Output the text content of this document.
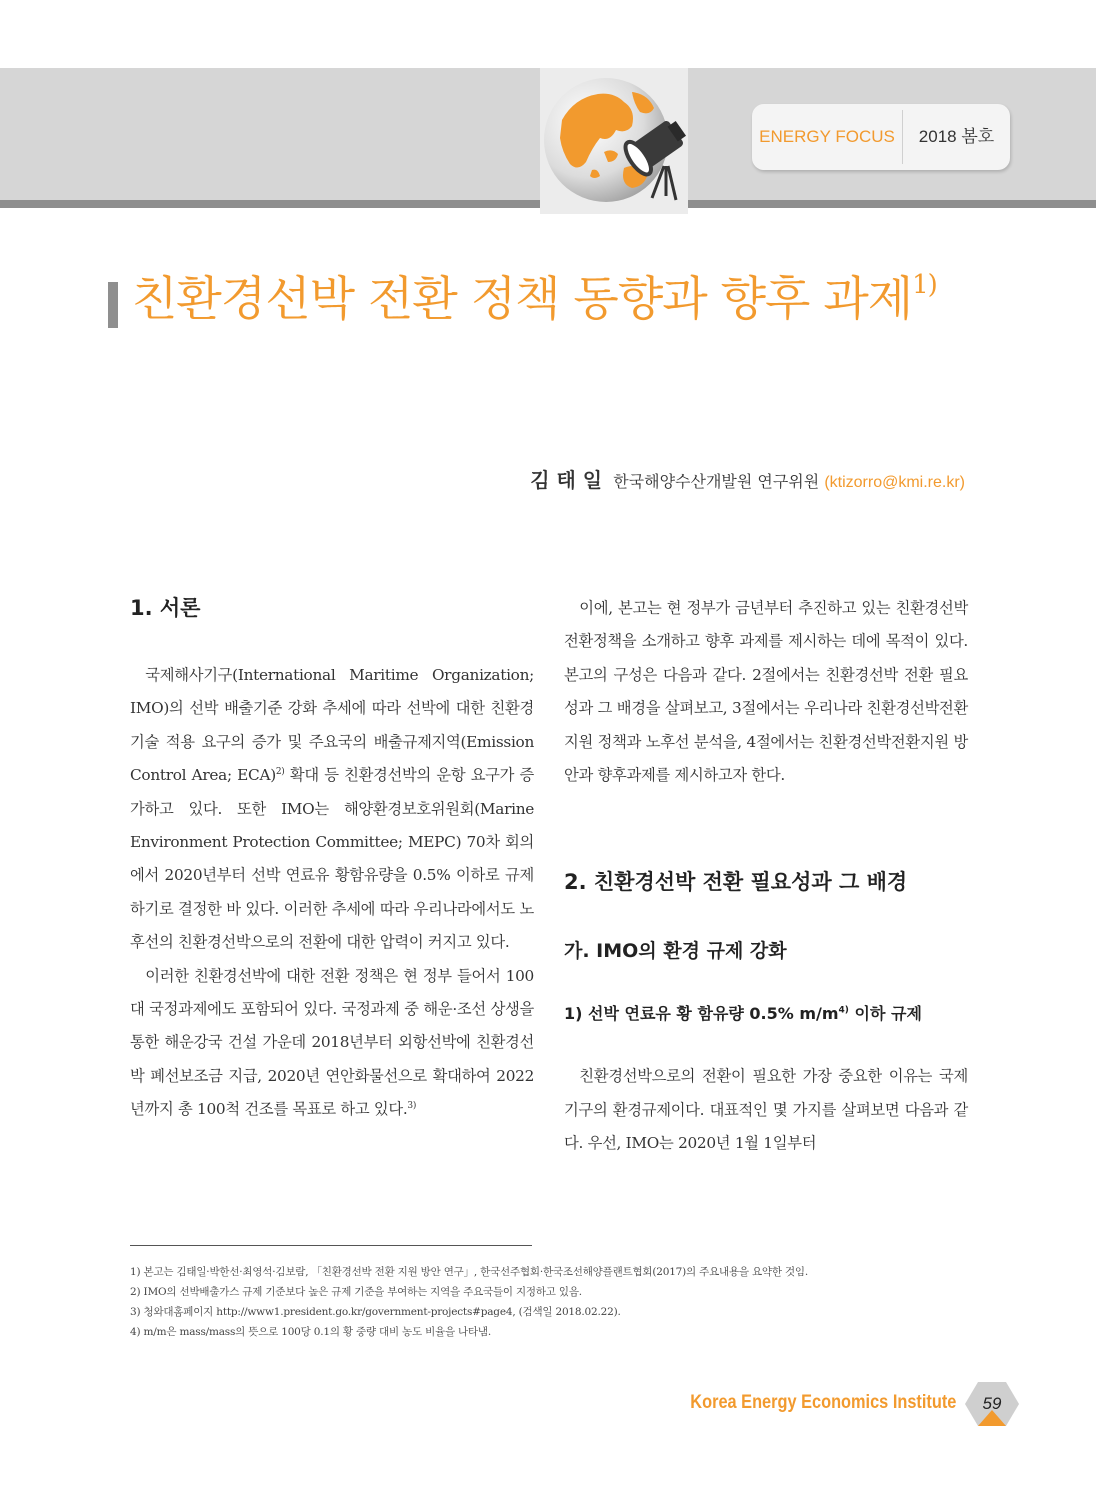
ENERGY FOCUS	2018 봄호
친환경선박 전환 정책 동향과 향후 과제$^{1)}$
김 태 일 한국해양수산개발원 연구위원 (ktizorro@kmi.re.kr)
1. 서론

국제해사기구(International Maritime Organization; IMO)의 선박 배출기준 강화 추세에 따라 선박에 대한 친환경기술 적용 요구의 증가 및 주요국의 배출규제지역(Emission Control Area; ECA)$^{2)}$ 확대 등 친환경선박의 운항 요구가 증가하고 있다. 또한 IMO는 해양환경보호위원회(Marine Environment Protection Committee; MEPC) 70차 회의에서 2020년부터 선박 연료유 황함유량을 0.5% 이하로 규제하기로 결정한 바 있다. 이러한 추세에 따라 우리나라에서도 노후선의 친환경선박으로의 전환에 대한 압력이 커지고 있다.

이러한 친환경선박에 대한 전환 정책은 현 정부 들어서 100대 국정과제에도 포함되어 있다. 국정과제 중 해운·조선 상생을 통한 해운강국 건설 가운데 2018년부터 외항선박에 친환경선박 폐선보조금 지급, 2020년 연안화물선으로 확대하여 2022년까지 총 100척 건조를 목표로 하고 있다.$^{3)}$

이에, 본고는 현 정부가 금년부터 추진하고 있는 친환경선박 전환정책을 소개하고 향후 과제를 제시하는 데에 목적이 있다. 본고의 구성은 다음과 같다. 2절에서는 친환경선박 전환 필요성과 그 배경을 살펴보고, 3절에서는 우리나라 친환경선박전환지원 정책과 노후선 분석을, 4절에서는 친환경선박전환지원 방안과 향후과제를 제시하고자 한다.

2. 친환경선박 전환 필요성과 그 배경
가. IMO의 환경 규제 강화
1) 선박 연료유 황 함유량 0.5% $m/m^{4)}$ 이하 규제

친환경선박으로의 전환이 필요한 가장 중요한 이유는 국제기구의 환경규제이다. 대표적인 몇 가지를 살펴보면 다음과 같다. 우선, IMO는 2020년 1월 1일부터

1) 본고는 김태일·박한선·최영석·김보람, 「친환경선박 전환 지원 방안 연구」, 한국선주협회·한국조선해양플랜트협회(2017)의 주요내용을 요약한 것임.
2) IMO의 선박배출가스 규제 기준보다 높은 규제 기준을 부여하는 지역을 주요국들이 지정하고 있음.
3) 청와대홈페이지 http://www1.president.go.kr/government-projects#page4, (검색일 2018.02.22).
4) m/m은 mass/mass의 뜻으로 100당 0.1의 황 중량 대비 농도 비율을 나타냄.
Korea Energy Economics Institute	59
